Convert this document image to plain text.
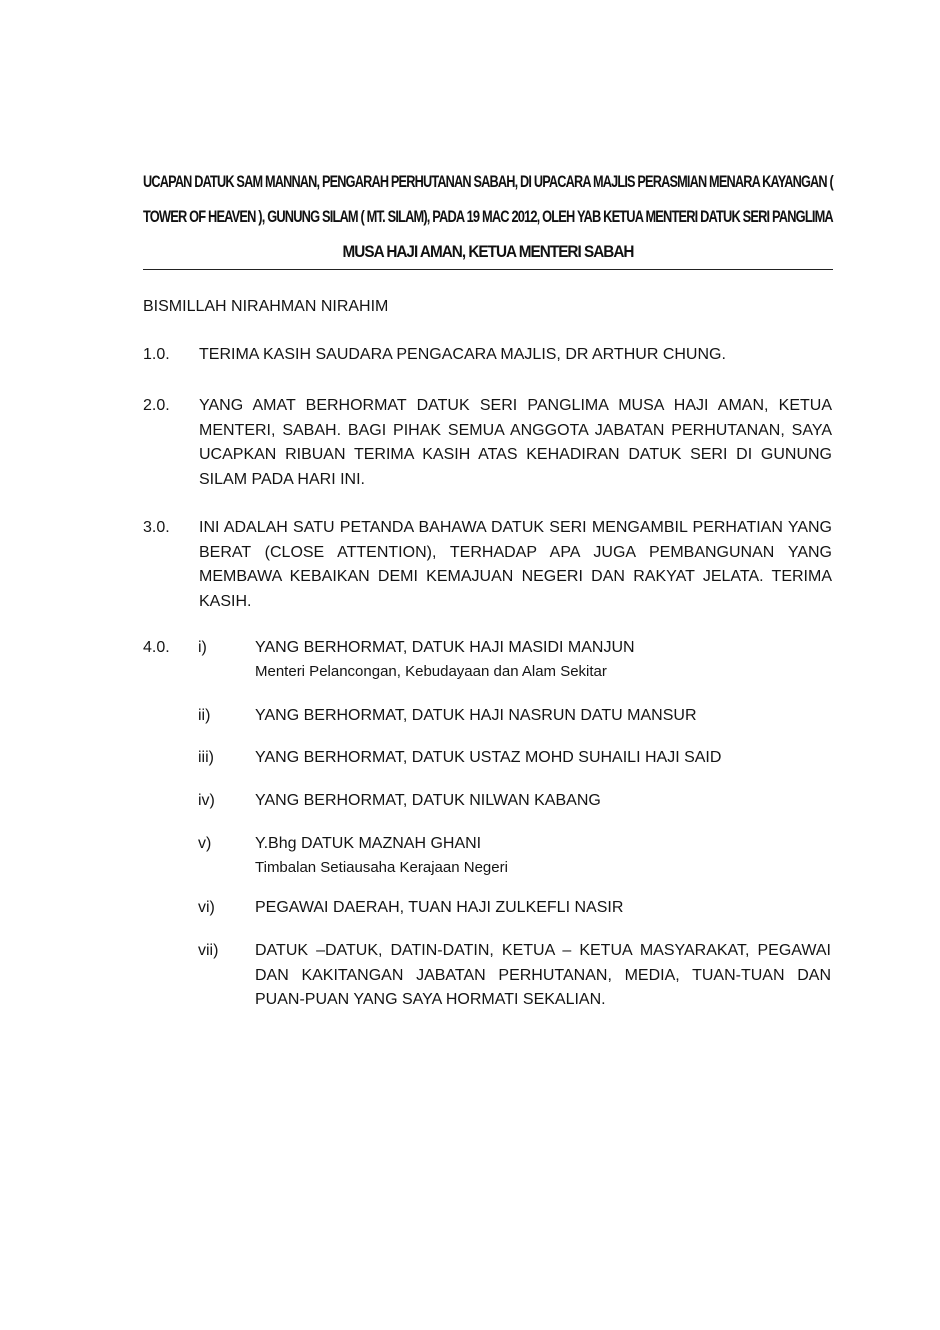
UCAPAN DATUK SAM MANNAN, PENGARAH PERHUTANAN SABAH, DI UPACARA MAJLIS PERASMIAN MENARA KAYANGAN (
TOWER OF HEAVEN ), GUNUNG SILAM ( MT. SILAM), PADA 19 MAC 2012, OLEH YAB KETUA MENTERI DATUK SERI PANGLIMA
MUSA HAJI AMAN, KETUA MENTERI SABAH
BISMILLAH NIRAHMAN NIRAHIM
1.0.	TERIMA KASIH SAUDARA PENGACARA MAJLIS, DR ARTHUR CHUNG.
2.0.	YANG AMAT BERHORMAT DATUK SERI PANGLIMA MUSA HAJI AMAN, KETUA MENTERI, SABAH. BAGI PIHAK SEMUA ANGGOTA JABATAN PERHUTANAN, SAYA UCAPKAN RIBUAN TERIMA KASIH ATAS KEHADIRAN DATUK SERI DI GUNUNG SILAM PADA HARI INI.
3.0.	INI ADALAH SATU PETANDA BAHAWA DATUK SERI MENGAMBIL PERHATIAN YANG BERAT (CLOSE ATTENTION), TERHADAP APA JUGA PEMBANGUNAN YANG MEMBAWA KEBAIKAN DEMI KEMAJUAN NEGERI DAN RAKYAT JELATA. TERIMA KASIH.
4.0.	i)	YANG BERHORMAT, DATUK HAJI MASIDI MANJUN
Menteri Pelancongan, Kebudayaan dan Alam Sekitar
ii)	YANG BERHORMAT, DATUK HAJI NASRUN DATU MANSUR
iii)	YANG BERHORMAT, DATUK USTAZ MOHD SUHAILI HAJI SAID
iv)	YANG BERHORMAT, DATUK NILWAN KABANG
v)	Y.Bhg DATUK MAZNAH GHANI
Timbalan Setiausaha Kerajaan Negeri
vi)	PEGAWAI DAERAH, TUAN HAJI ZULKEFLI NASIR
vii)	DATUK –DATUK, DATIN-DATIN, KETUA – KETUA MASYARAKAT, PEGAWAI DAN KAKITANGAN JABATAN PERHUTANAN, MEDIA, TUAN-TUAN DAN PUAN-PUAN YANG SAYA HORMATI SEKALIAN.
